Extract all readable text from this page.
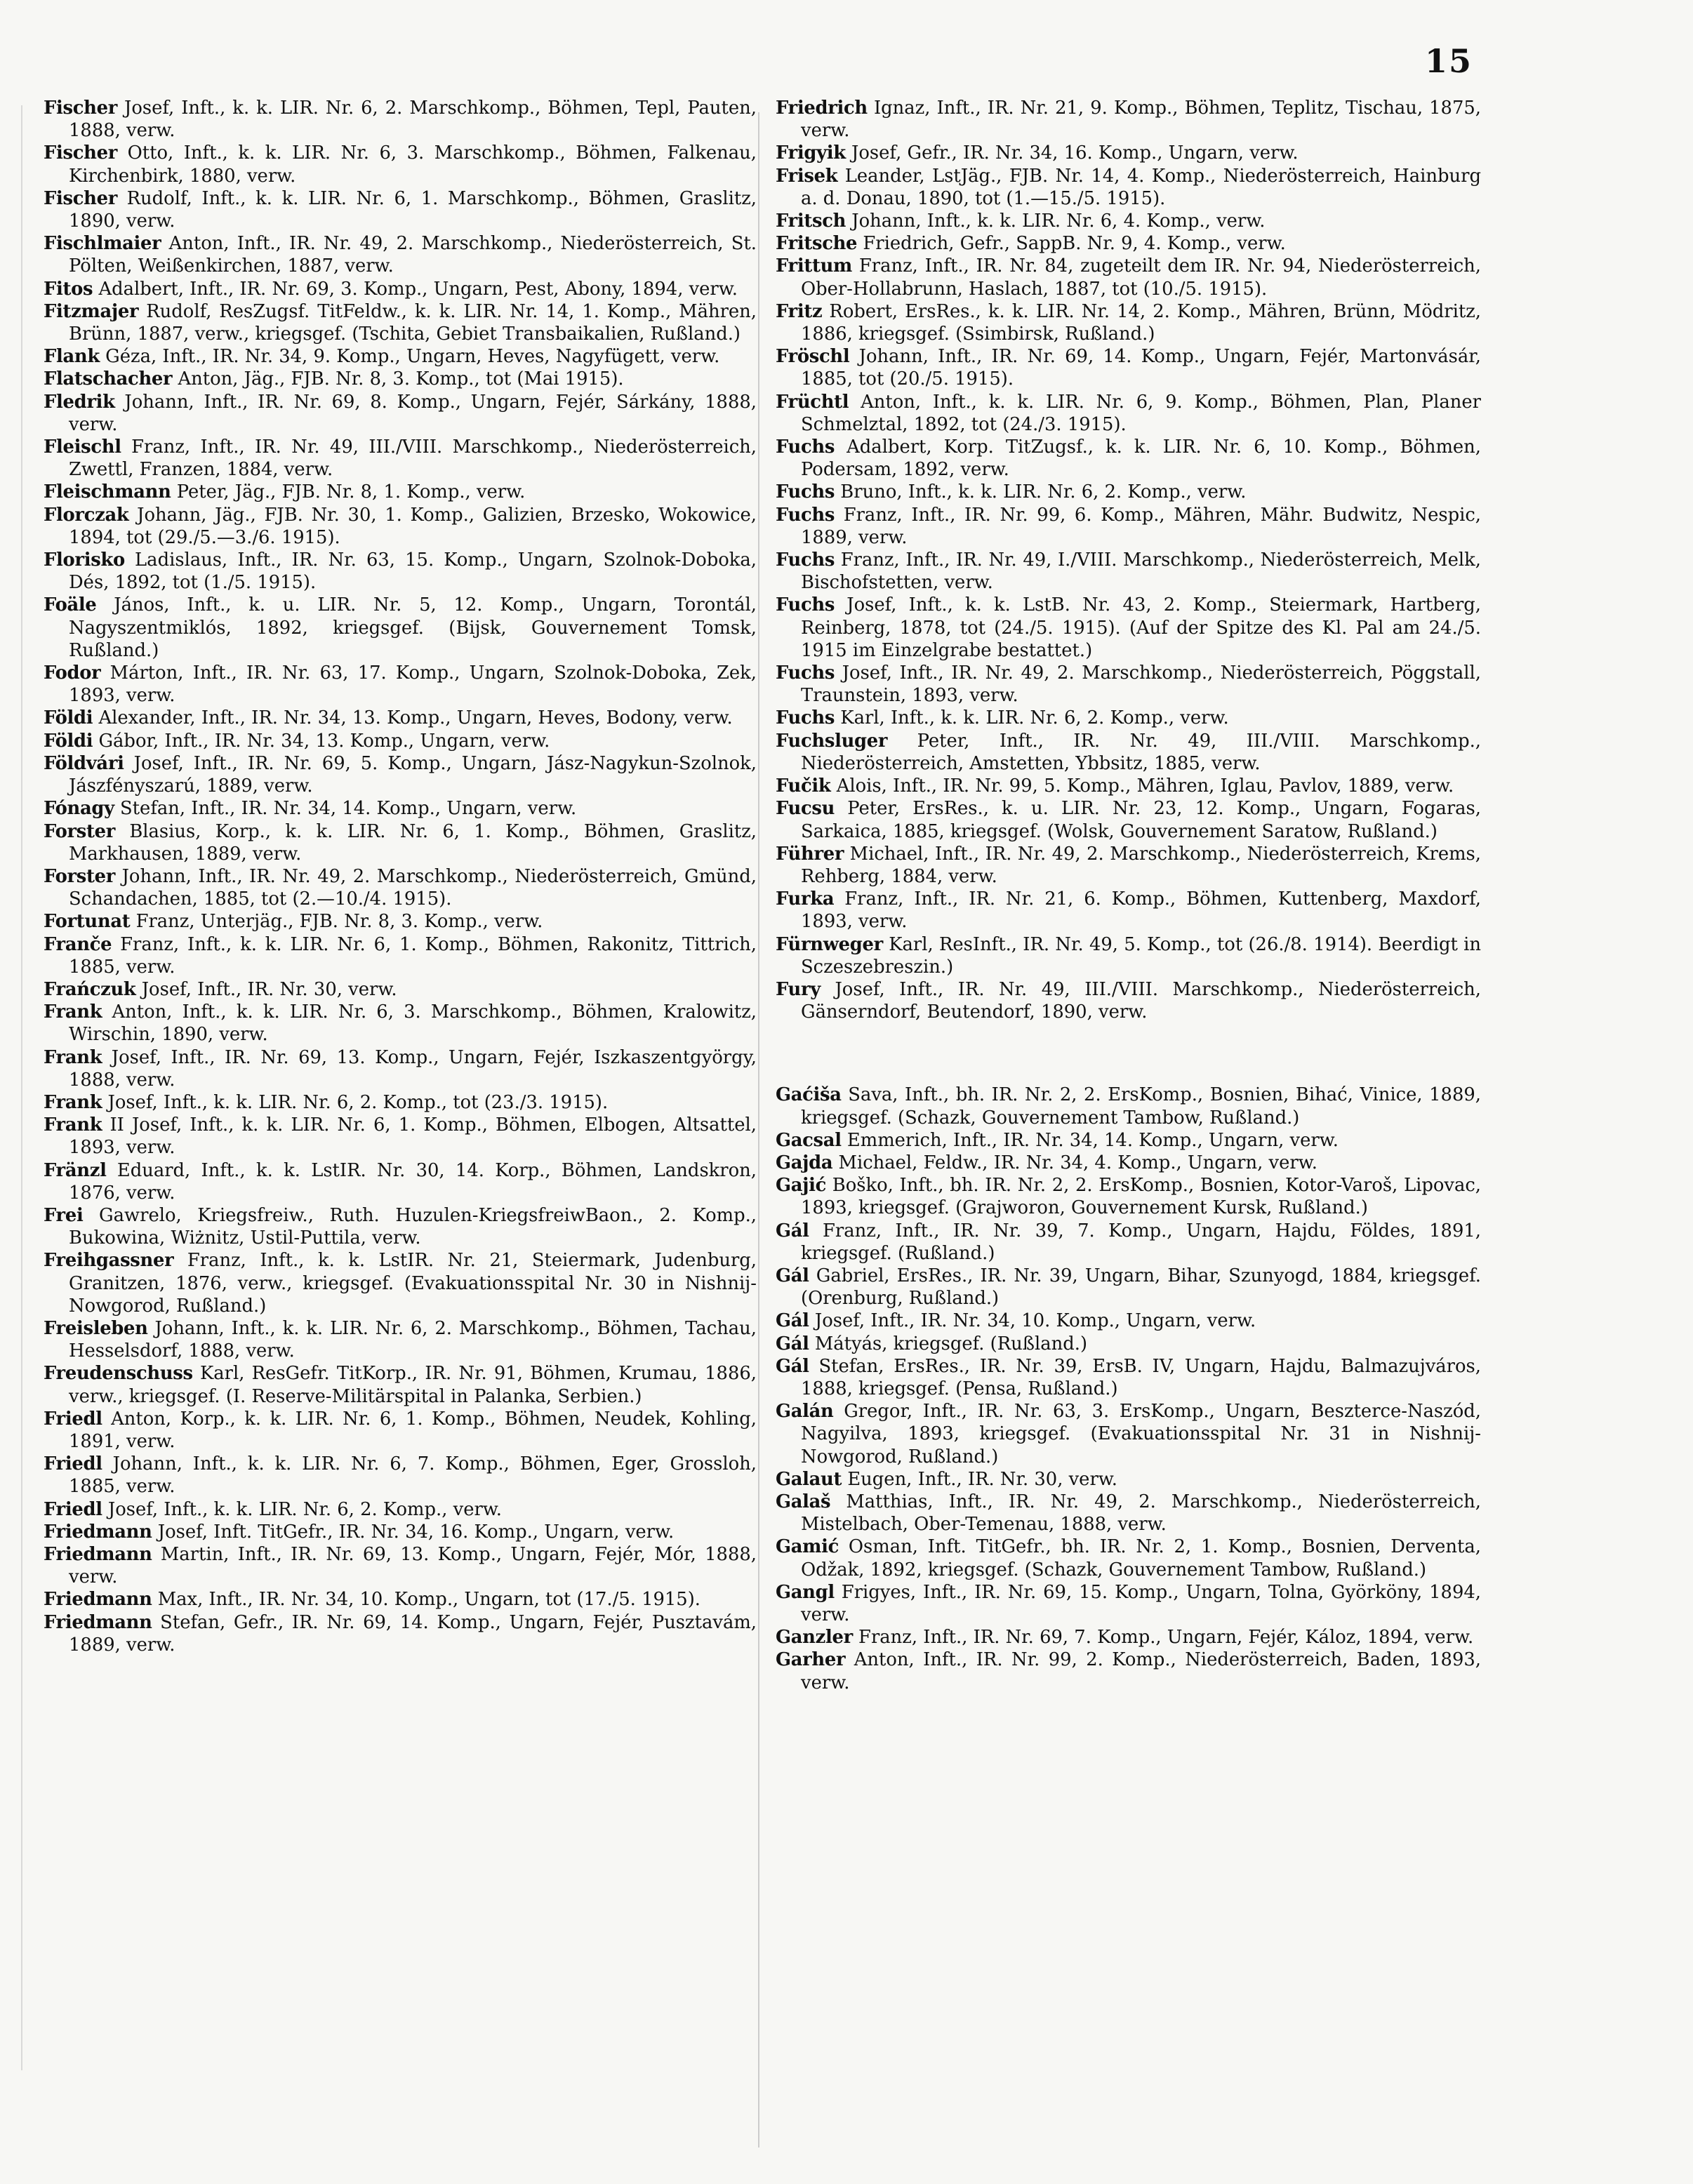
15

Fischer Josef, Inft., k. k. LIR. Nr. 6, 2. Marschkomp., Böhmen, Tepl, Pauten, 1888, verw.

Fischer Otto, Inft., k. k. LIR. Nr. 6, 3. Marschkomp., Böhmen, Falkenau, Kirchenbirk, 1880, verw.

Fischer Rudolf, Inft., k. k. LIR. Nr. 6, 1. Marschkomp., Böhmen, Graslitz, 1890, verw.

Fischlmaier Anton, Inft., IR. Nr. 49, 2. Marschkomp., Niederösterreich, St. Pölten, Weißenkirchen, 1887, verw.

Fitos Adalbert, Inft., IR. Nr. 69, 3. Komp., Ungarn, Pest, Abony, 1894, verw.

Fitzmajer Rudolf, ResZugsf. TitFeldw., k. k. LIR. Nr. 14, 1. Komp., Mähren, Brünn, 1887, verw., kriegsgef. (Tschita, Gebiet Transbaikalien, Rußland.)

Flank Géza, Inft., IR. Nr. 34, 9. Komp., Ungarn, Heves, Nagyfügett, verw.

Flatschacher Anton, Jäg., FJB. Nr. 8, 3. Komp., tot (Mai 1915).

Fledrik Johann, Inft., IR. Nr. 69, 8. Komp., Ungarn, Fejér, Sárkány, 1888, verw.

Fleischl Franz, Inft., IR. Nr. 49, III./VIII. Marschkomp., Niederösterreich, Zwettl, Franzen, 1884, verw.

Fleischmann Peter, Jäg., FJB. Nr. 8, 1. Komp., verw.

Florczak Johann, Jäg., FJB. Nr. 30, 1. Komp., Galizien, Brzesko, Wokowice, 1894, tot (29./5.—3./6. 1915).

Florisko Ladislaus, Inft., IR. Nr. 63, 15. Komp., Ungarn, Szolnok-Doboka, Dés, 1892, tot (1./5. 1915).

Foäle János, Inft., k. u. LIR. Nr. 5, 12. Komp., Ungarn, Torontál, Nagyszentmiklós, 1892, kriegsgef. (Bijsk, Gouvernement Tomsk, Rußland.)

Fodor Márton, Inft., IR. Nr. 63, 17. Komp., Ungarn, Szolnok-Doboka, Zek, 1893, verw.

Földi Alexander, Inft., IR. Nr. 34, 13. Komp., Ungarn, Heves, Bodony, verw.

Földi Gábor, Inft., IR. Nr. 34, 13. Komp., Ungarn, verw.

Földvári Josef, Inft., IR. Nr. 69, 5. Komp., Ungarn, Jász-Nagykun-Szolnok, Jászfényszarú, 1889, verw.

Fónagy Stefan, Inft., IR. Nr. 34, 14. Komp., Ungarn, verw.

Forster Blasius, Korp., k. k. LIR. Nr. 6, 1. Komp., Böhmen, Graslitz, Markhausen, 1889, verw.

Forster Johann, Inft., IR. Nr. 49, 2. Marschkomp., Niederösterreich, Gmünd, Schandachen, 1885, tot (2.—10./4. 1915).

Fortunat Franz, Unterjäg., FJB. Nr. 8, 3. Komp., verw.

Franče Franz, Inft., k. k. LIR. Nr. 6, 1. Komp., Böhmen, Rakonitz, Tittrich, 1885, verw.

Frańczuk Josef, Inft., IR. Nr. 30, verw.

Frank Anton, Inft., k. k. LIR. Nr. 6, 3. Marschkomp., Böhmen, Kralowitz, Wirschin, 1890, verw.

Frank Josef, Inft., IR. Nr. 69, 13. Komp., Ungarn, Fejér, Iszkaszentgyörgy, 1888, verw.

Frank Josef, Inft., k. k. LIR. Nr. 6, 2. Komp., tot (23./3. 1915).

Frank II Josef, Inft., k. k. LIR. Nr. 6, 1. Komp., Böhmen, Elbogen, Altsattel, 1893, verw.

Fränzl Eduard, Inft., k. k. LstIR. Nr. 30, 14. Korp., Böhmen, Landskron, 1876, verw.

Frei Gawrelo, Kriegsfreiw., Ruth. Huzulen-KriegsfreiwBaon., 2. Komp., Bukowina, Wiżnitz, Ustil-Puttila, verw.

Freihgassner Franz, Inft., k. k. LstIR. Nr. 21, Steiermark, Judenburg, Granitzen, 1876, verw., kriegsgef. (Evakuationsspital Nr. 30 in Nishnij-Nowgorod, Rußland.)

Freisleben Johann, Inft., k. k. LIR. Nr. 6, 2. Marschkomp., Böhmen, Tachau, Hesselsdorf, 1888, verw.

Freudenschuss Karl, ResGefr. TitKorp., IR. Nr. 91, Böhmen, Krumau, 1886, verw., kriegsgef. (I. Reserve-Militärspital in Palanka, Serbien.)

Friedl Anton, Korp., k. k. LIR. Nr. 6, 1. Komp., Böhmen, Neudek, Kohling, 1891, verw.

Friedl Johann, Inft., k. k. LIR. Nr. 6, 7. Komp., Böhmen, Eger, Grossloh, 1885, verw.

Friedl Josef, Inft., k. k. LIR. Nr. 6, 2. Komp., verw.

Friedmann Josef, Inft. TitGefr., IR. Nr. 34, 16. Komp., Ungarn, verw.

Friedmann Martin, Inft., IR. Nr. 69, 13. Komp., Ungarn, Fejér, Mór, 1888, verw.

Friedmann Max, Inft., IR. Nr. 34, 10. Komp., Ungarn, tot (17./5. 1915).

Friedmann Stefan, Gefr., IR. Nr. 69, 14. Komp., Ungarn, Fejér, Pusztavám, 1889, verw.

Friedrich Ignaz, Inft., IR. Nr. 21, 9. Komp., Böhmen, Teplitz, Tischau, 1875, verw.

Frigyik Josef, Gefr., IR. Nr. 34, 16. Komp., Ungarn, verw.

Frisek Leander, LstJäg., FJB. Nr. 14, 4. Komp., Niederösterreich, Hainburg a. d. Donau, 1890, tot (1.—15./5. 1915).

Fritsch Johann, Inft., k. k. LIR. Nr. 6, 4. Komp., verw.

Fritsche Friedrich, Gefr., SappB. Nr. 9, 4. Komp., verw.

Frittum Franz, Inft., IR. Nr. 84, zugeteilt dem IR. Nr. 94, Niederösterreich, Ober-Hollabrunn, Haslach, 1887, tot (10./5. 1915).

Fritz Robert, ErsRes., k. k. LIR. Nr. 14, 2. Komp., Mähren, Brünn, Mödritz, 1886, kriegsgef. (Ssimbirsk, Rußland.)

Fröschl Johann, Inft., IR. Nr. 69, 14. Komp., Ungarn, Fejér, Martonvásár, 1885, tot (20./5. 1915).

Früchtl Anton, Inft., k. k. LIR. Nr. 6, 9. Komp., Böhmen, Plan, Planer Schmelztal, 1892, tot (24./3. 1915).

Fuchs Adalbert, Korp. TitZugsf., k. k. LIR. Nr. 6, 10. Komp., Böhmen, Podersam, 1892, verw.

Fuchs Bruno, Inft., k. k. LIR. Nr. 6, 2. Komp., verw.

Fuchs Franz, Inft., IR. Nr. 99, 6. Komp., Mähren, Mähr. Budwitz, Nespic, 1889, verw.

Fuchs Franz, Inft., IR. Nr. 49, I./VIII. Marschkomp., Niederösterreich, Melk, Bischofstetten, verw.

Fuchs Josef, Inft., k. k. LstB. Nr. 43, 2. Komp., Steiermark, Hartberg, Reinberg, 1878, tot (24./5. 1915). (Auf der Spitze des Kl. Pal am 24./5. 1915 im Einzelgrabe bestattet.)

Fuchs Josef, Inft., IR. Nr. 49, 2. Marschkomp., Niederösterreich, Pöggstall, Traunstein, 1893, verw.

Fuchs Karl, Inft., k. k. LIR. Nr. 6, 2. Komp., verw.

Fuchsluger Peter, Inft., IR. Nr. 49, III./VIII. Marschkomp., Niederösterreich, Amstetten, Ybbsitz, 1885, verw.

Fučik Alois, Inft., IR. Nr. 99, 5. Komp., Mähren, Iglau, Pavlov, 1889, verw.

Fucsu Peter, ErsRes., k. u. LIR. Nr. 23, 12. Komp., Ungarn, Fogaras, Sarkaica, 1885, kriegsgef. (Wolsk, Gouvernement Saratow, Rußland.)

Führer Michael, Inft., IR. Nr. 49, 2. Marschkomp., Niederösterreich, Krems, Rehberg, 1884, verw.

Furka Franz, Inft., IR. Nr. 21, 6. Komp., Böhmen, Kuttenberg, Maxdorf, 1893, verw.

Fürnweger Karl, ResInft., IR. Nr. 49, 5. Komp., tot (26./8. 1914). Beerdigt in Sczeszebreszin.)

Fury Josef, Inft., IR. Nr. 49, III./VIII. Marschkomp., Niederösterreich, Gänserndorf, Beutendorf, 1890, verw.

Gaćiša Sava, Inft., bh. IR. Nr. 2, 2. ErsKomp., Bosnien, Bihać, Vinice, 1889, kriegsgef. (Schazk, Gouvernement Tambow, Rußland.)

Gacsal Emmerich, Inft., IR. Nr. 34, 14. Komp., Ungarn, verw.

Gajda Michael, Feldw., IR. Nr. 34, 4. Komp., Ungarn, verw.

Gajić Boško, Inft., bh. IR. Nr. 2, 2. ErsKomp., Bosnien, Kotor-Varoš, Lipovac, 1893, kriegsgef. (Grajworon, Gouvernement Kursk, Rußland.)

Gál Franz, Inft., IR. Nr. 39, 7. Komp., Ungarn, Hajdu, Földes, 1891, kriegsgef. (Rußland.)

Gál Gabriel, ErsRes., IR. Nr. 39, Ungarn, Bihar, Szunyogd, 1884, kriegsgef. (Orenburg, Rußland.)

Gál Josef, Inft., IR. Nr. 34, 10. Komp., Ungarn, verw.

Gál Mátyás, kriegsgef. (Rußland.)

Gál Stefan, ErsRes., IR. Nr. 39, ErsB. IV, Ungarn, Hajdu, Balmazujváros, 1888, kriegsgef. (Pensa, Rußland.)

Galán Gregor, Inft., IR. Nr. 63, 3. ErsKomp., Ungarn, Beszterce-Naszód, Nagyilva, 1893, kriegsgef. (Evakuationsspital Nr. 31 in Nishnij-Nowgorod, Rußland.)

Galaut Eugen, Inft., IR. Nr. 30, verw.

Galaš Matthias, Inft., IR. Nr. 49, 2. Marschkomp., Niederösterreich, Mistelbach, Ober-Temenau, 1888, verw.

Gamić Osman, Inft. TitGefr., bh. IR. Nr. 2, 1. Komp., Bosnien, Derventa, Odžak, 1892, kriegsgef. (Schazk, Gouvernement Tambow, Rußland.)

Gangl Frigyes, Inft., IR. Nr. 69, 15. Komp., Ungarn, Tolna, Györköny, 1894, verw.

Ganzler Franz, Inft., IR. Nr. 69, 7. Komp., Ungarn, Fejér, Káloz, 1894, verw.

Garher Anton, Inft., IR. Nr. 99, 2. Komp., Niederösterreich, Baden, 1893, verw.
